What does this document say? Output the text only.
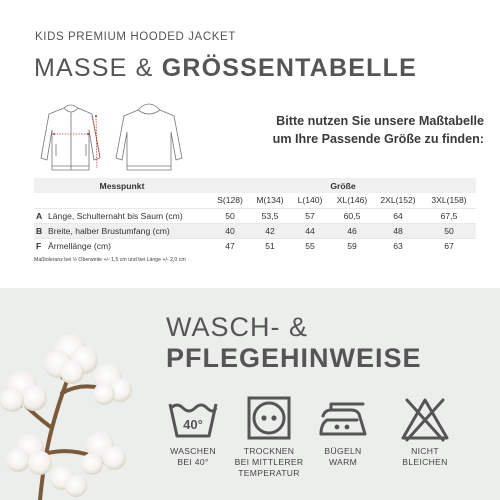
KIDS PREMIUM HOODED JACKET
MASSE & GRÖSSENTABELLE
Bitte nutzen Sie unsere Maßtabelle
um Ihre Passende Größe zu finden:
Messpunkt	Größe					
	S(128)	M(134)	L(140)	XL(146)	2XL(152)	3XL(158)
A Länge, Schulternaht bis Saum (cm)	50	53,5	57	60,5	64	67,5
B Breite, halber Brustumfang (cm)	40	42	44	46	48	50
F Ärmellänge (cm)	47	51	55	59	63	67
Maßtoleranz bei ½ Oberweite +/- 1,5 cm und bei Länge +/- 2,0 cm
WASCH- &
PFLEGEHINWEISE
40°
WASCHEN
BEI 40°
TROCKNEN
BEI MITTLERER
TEMPERATUR
BÜGELN
WARM
NICHT
BLEICHEN
